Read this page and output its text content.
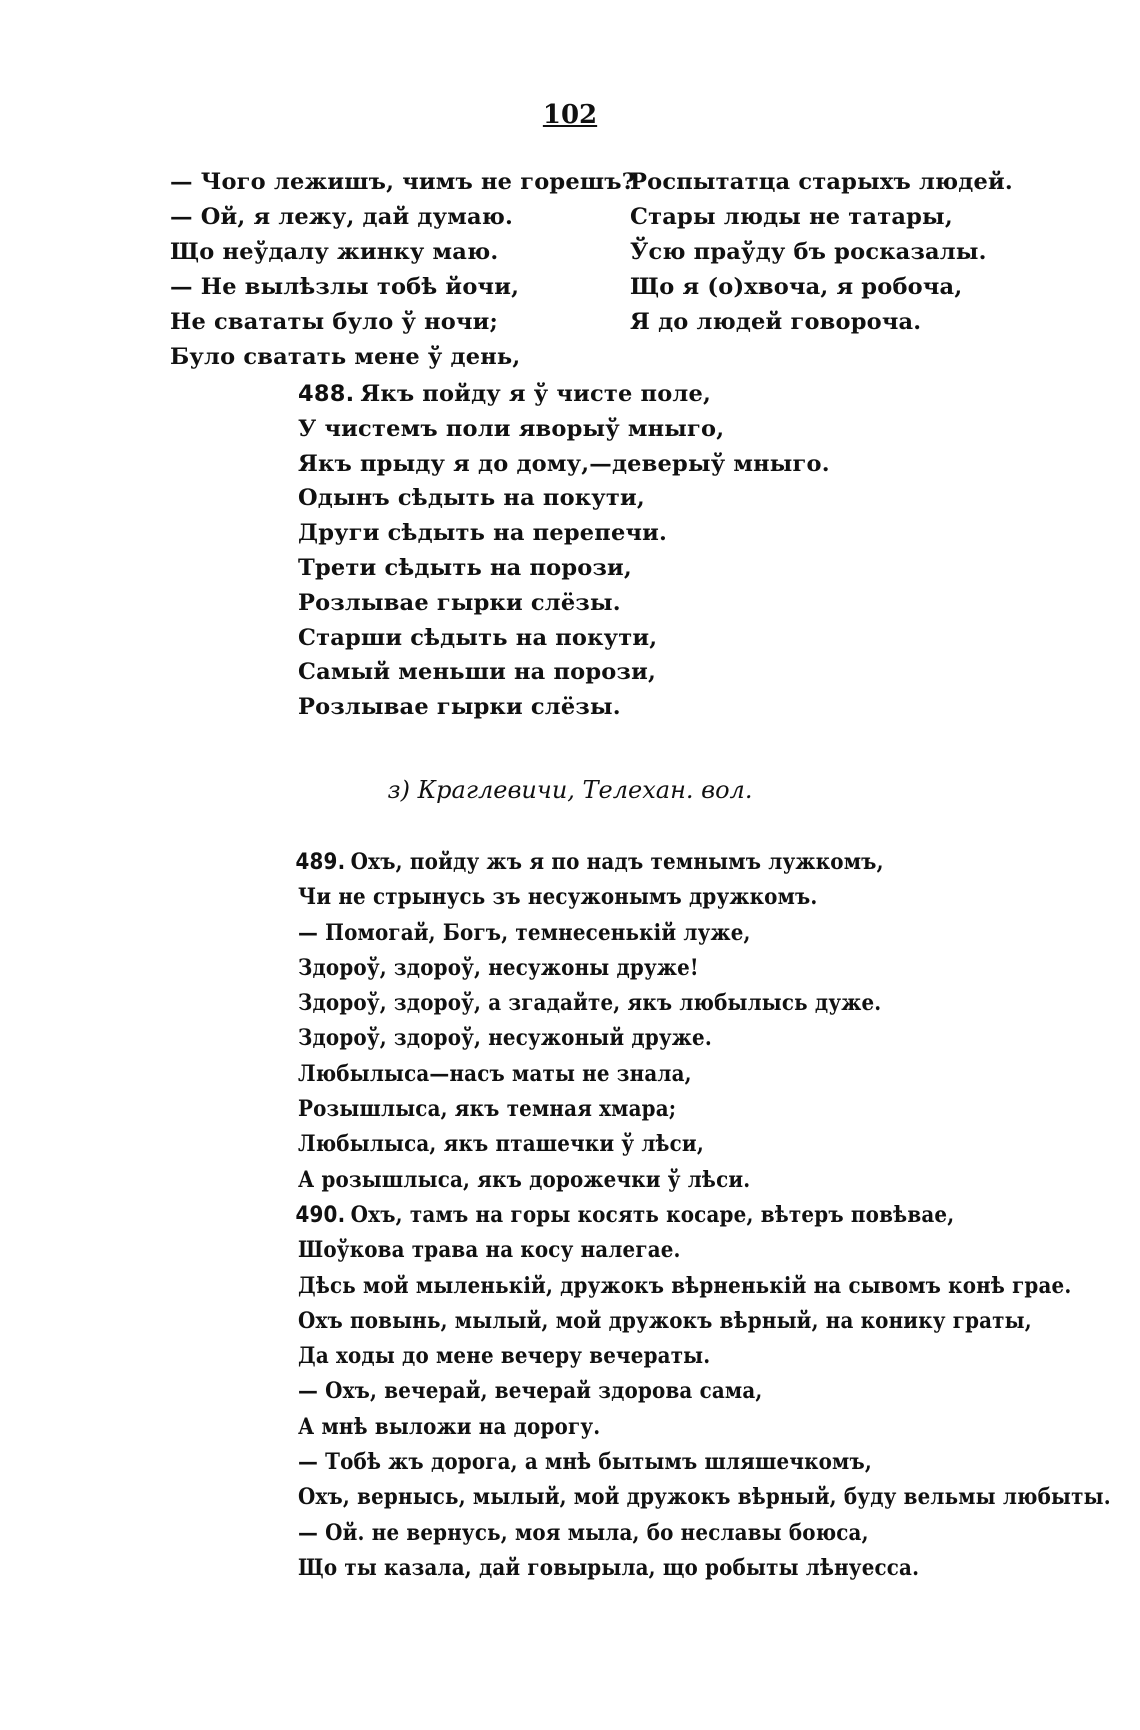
102
— Чого лежишъ, чимъ не горешъ?
— Ой, я лежу, дай думаю.
Що неўдалу жинку маю.
— Не вылѣзлы тобѣ йочи,
Не свататы було ў ночи;
Було сватать мене ў день,
Роспытатца старыхъ людей.
Стары люды не татары,
Ўсю праўду бъ росказалы.
Що я (о)хвоча, я робоча,
Я до людей говороча.
488. Якъ пойду я ў чисте поле,
У чистемъ поли яворыў мныго,
Якъ прыду я до дому,—деверыў мныго.
Одынъ сѣдыть на покути,
Други сѣдыть на перепечи.
Трети сѣдыть на порози,
Розлывае гырки слёзы.
Старши сѣдыть на покути,
Самый меньши на порози,
Розлывае гырки слёзы.
з) Краглевичи, Телехан. вол.
489. Охъ, пойду жъ я по надъ темнымъ лужкомъ,
Чи не стрынусь зъ несужонымъ дружкомъ.
— Помогай, Богъ, темнесенькій луже,
Здороў, здороў, несужоны друже!
Здороў, здороў, а згадайте, якъ любылысь дуже.
Здороў, здороў, несужоный друже.
Любылыса—насъ маты не знала,
Розышлыса, якъ темная хмара;
Любылыса, якъ пташечки ў лѣси,
А розышлыса, якъ дорожечки ў лѣси.
490. Охъ, тамъ на горы косять косаре, вѣтеръ повѣвае,
Шоўкова трава на косу налегае.
Дѣсь мой мыленькій, дружокъ вѣрненькій на сывомъ конѣ грае.
Охъ повынь, мылый, мой дружокъ вѣрный, на конику граты,
Да ходы до мене вечеру вечераты.
— Охъ, вечерай, вечерай здорова сама,
А мнѣ выложи на дорогу.
— Тобѣ жъ дорога, а мнѣ бытымъ шляшечкомъ,
Охъ, вернысь, мылый, мой дружокъ вѣрный, буду вельмы любыты.
— Ой. не вернусь, моя мыла, бо неславы боюса,
Що ты казала, дай говырыла, що робыты лѣнуесса.
